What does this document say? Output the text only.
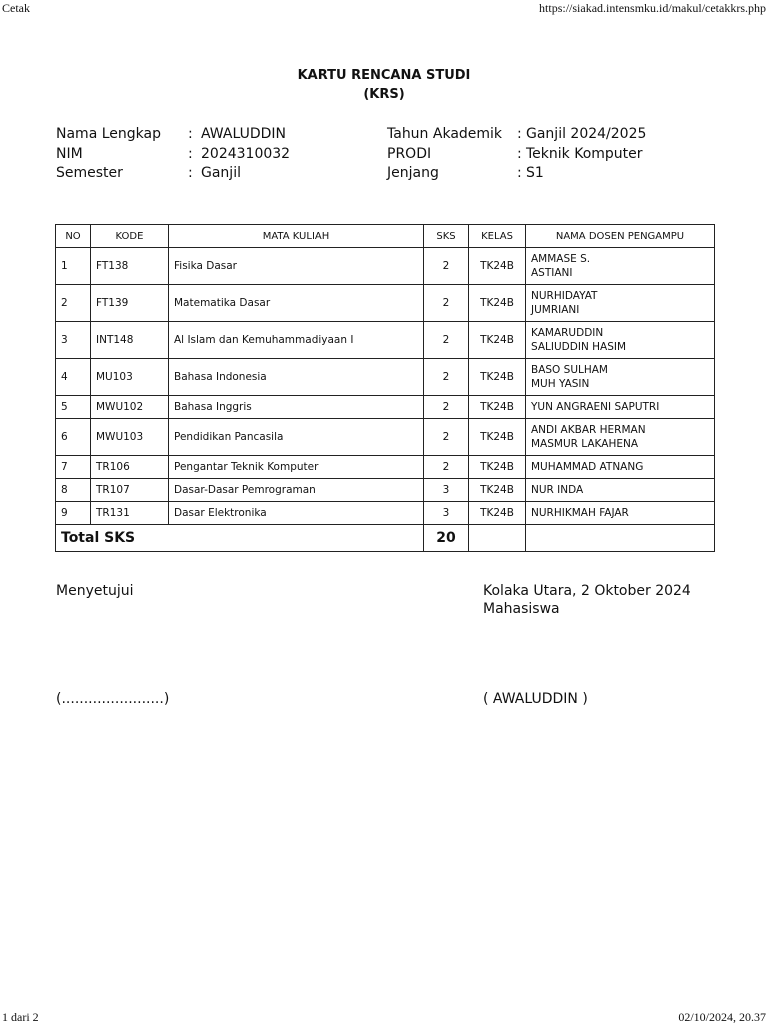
Cetak	https://siakad.intensmku.id/makul/cetakkrs.php
KARTU RENCANA STUDI
(KRS)
Nama Lengkap	: AWALUDDIN
NIM	: 2024310032
Semester	: Ganjil
Tahun Akademik	: Ganjil 2024/2025
PRODI	: Teknik Komputer
Jenjang	: S1
NO	KODE	MATA KULIAH	SKS	KELAS	NAMA DOSEN PENGAMPU
1	FT138	Fisika Dasar	2	TK24B	AMMASE S.
ASTIANI

2	FT139	Matematika Dasar	2	TK24B	NURHIDAYAT
JUMRIANI

3	INT148	Al Islam dan Kemuhammadiyaan I	2	TK24B	KAMARUDDIN
SALIUDDIN HASIM

4	MU103	Bahasa Indonesia	2	TK24B	BASO SULHAM
MUH YASIN

5	MWU102	Bahasa Inggris	2	TK24B	YUN ANGRAENI SAPUTRI

6	MWU103	Pendidikan Pancasila	2	TK24B	ANDI AKBAR HERMAN
MASMUR LAKAHENA

7	TR106	Pengantar Teknik Komputer	2	TK24B	MUHAMMAD ATNANG

8	TR107	Dasar-Dasar Pemrograman	3	TK24B	NUR INDA

9	TR131	Dasar Elektronika	3	TK24B	NURHIKMAH FAJAR

Total SKS			20		
Menyetujui	Kolaka Utara, 2 Oktober 2024
Mahasiswa
(.......................)	( AWALUDDIN )
1 dari 2	02/10/2024, 20.37
